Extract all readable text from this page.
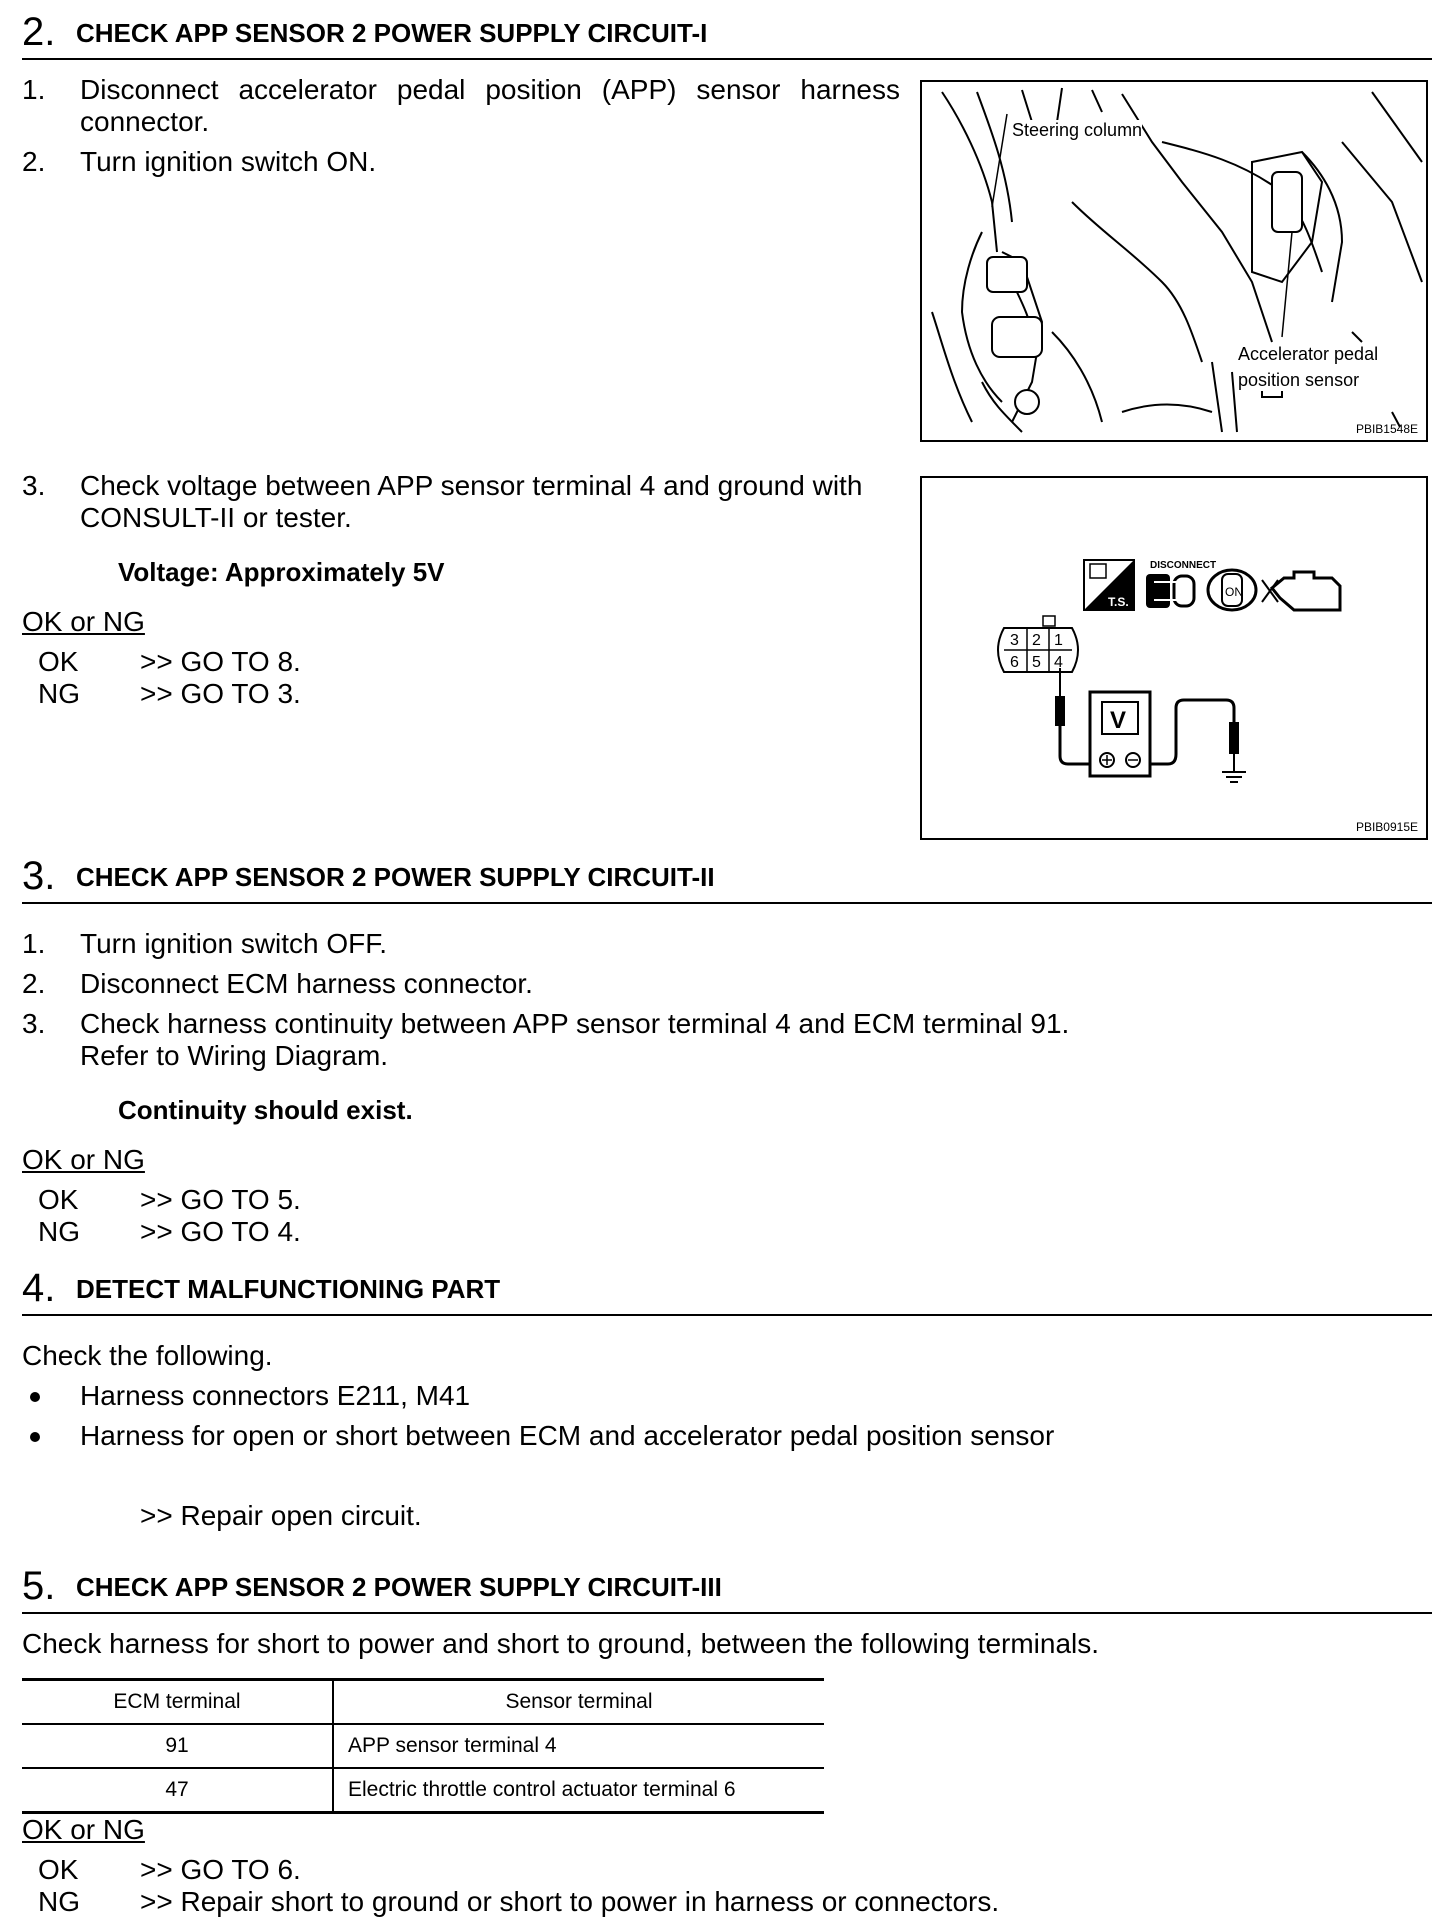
2. CHECK APP SENSOR 2 POWER SUPPLY CIRCUIT-I
1. Disconnect accelerator pedal position (APP) sensor harness
connector.
2. Turn ignition switch ON.
Steering column
Accelerator pedal
position sensor
PBIB1548E
3. Check voltage between APP sensor terminal 4 and ground with
CONSULT-II or tester.
Voltage: Approximately 5V
OK or NG
OK >> GO TO 8.
NG >> GO TO 3.
T.S.
DISCONNECT
ON
3 2 1
6 5 4
V
PBIB0915E
3. CHECK APP SENSOR 2 POWER SUPPLY CIRCUIT-II
1. Turn ignition switch OFF.
2. Disconnect ECM harness connector.
3. Check harness continuity between APP sensor terminal 4 and ECM terminal 91.
Refer to Wiring Diagram.
Continuity should exist.
OK or NG
OK >> GO TO 5.
NG >> GO TO 4.
4. DETECT MALFUNCTIONING PART
Check the following.
Harness connectors E211, M41
Harness for open or short between ECM and accelerator pedal position sensor
>> Repair open circuit.
5. CHECK APP SENSOR 2 POWER SUPPLY CIRCUIT-III
Check harness for short to power and short to ground, between the following terminals.
ECM terminal	Sensor terminal
91	APP sensor terminal 4
47	Electric throttle control actuator terminal 6
OK or NG
OK >> GO TO 6.
NG >> Repair short to ground or short to power in harness or connectors.
